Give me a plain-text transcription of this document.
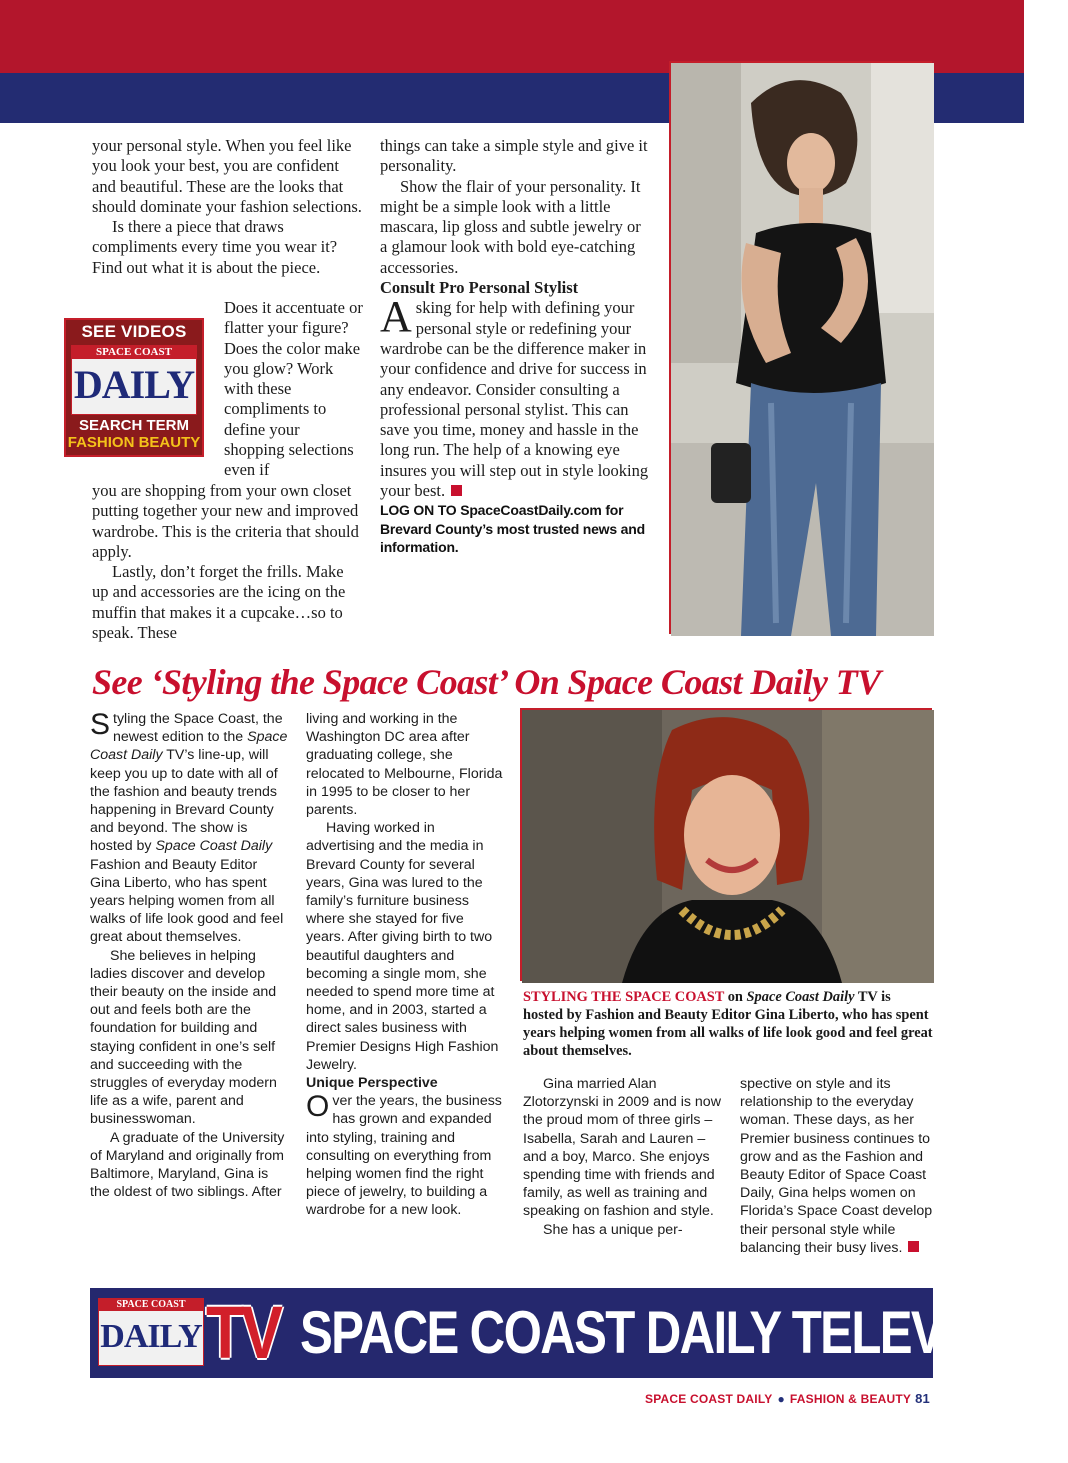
your personal style. When you feel like you look your best, you are confident and beautiful. These are the looks that should dominate your fashion selections.

Is there a piece that draws compliments every time you wear it? Find out what it is about the piece.

Does it accentuate or flatter your figure? Does the color make you glow? Work with these compliments to define your shopping selections even if

you are shopping from your own closet putting together your new and improved wardrobe. This is the criteria that should apply.

Lastly, don’t forget the frills. Make up and accessories are the icing on the muffin that makes it a cupcake…so to speak. These

SEE VIDEOS
SPACE COAST
DAILY
SEARCH TERM
FASHION BEAUTY

things can take a simple style and give it personality.

Show the flair of your personality. It might be a simple look with a little mascara, lip gloss and subtle jewelry or a glamour look with bold eye-catching accessories.

Consult Pro Personal Stylist

Asking for help with defining your personal style or redefining your wardrobe can be the difference maker in your confidence and drive for success in any endeavor. Consider consulting a professional personal stylist. This can save you time, money and hassle in the long run. The help of a knowing eye insures you will step out in style looking your best.

LOG ON TO SpaceCoastDaily.com for Brevard County’s most trusted news and information.

See ‘Styling the Space Coast’ On Space Coast Daily TV

Styling the Space Coast, the newest edition to the Space Coast Daily TV’s line-up, will keep you up to date with all of the fashion and beauty trends happening in Brevard County and beyond. The show is hosted by Space Coast Daily Fashion and Beauty Editor Gina Liberto, who has spent years helping women from all walks of life look good and feel great about themselves.

She believes in helping ladies discover and develop their beauty on the inside and out and feels both are the foundation for building and staying confident in one’s self and succeeding with the struggles of everyday modern life as a wife, parent and businesswoman.

A graduate of the University of Maryland and originally from Baltimore, Maryland, Gina is the oldest of two siblings. After

living and working in the Washington DC area after graduating college, she relocated to Melbourne, Florida in 1995 to be closer to her parents.

Having worked in advertising and the media in Brevard County for several years, Gina was lured to the family’s furniture business where she stayed for five years. After giving birth to two beautiful daughters and becoming a single mom, she needed to spend more time at home, and in 2003, started a direct sales business with Premier Designs High Fashion Jewelry.

Unique Perspective

Over the years, the business has grown and expanded into styling, training and consulting on everything from helping women find the right piece of jewelry, to building a wardrobe for a new look.

STYLING THE SPACE COAST on Space Coast Daily TV is hosted by Fashion and Beauty Editor Gina Liberto, who has spent years helping women from all walks of life look good and feel great about themselves.

Gina married Alan Zlotorzynski in 2009 and is now the proud mom of three girls – Isabella, Sarah and Lauren – and a boy, Marco. She enjoys spending time with friends and family, as well as training and speaking on fashion and style.

She has a unique per-

spective on style and its relationship to the everyday woman. These days, as her Premier business continues to grow and as the Fashion and Beauty Editor of Space Coast Daily, Gina helps women on Florida’s Space Coast develop their personal style while balancing their busy lives.

SPACE COAST
DAILY TV SPACE COAST DAILY TELEVISION
SPACE COAST DAILY ● FASHION & BEAUTY 81
